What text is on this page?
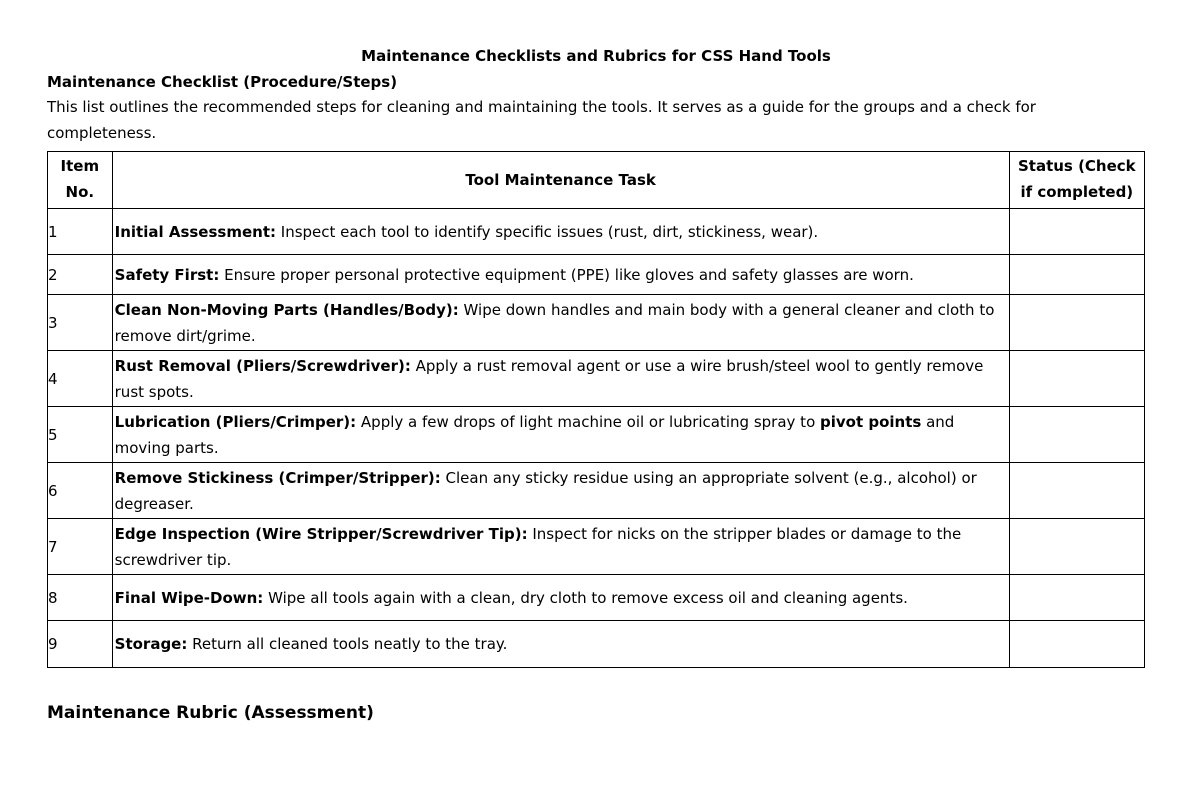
Maintenance Checklists and Rubrics for CSS Hand Tools

Maintenance Checklist (Procedure/Steps)

This list outlines the recommended steps for cleaning and maintaining the tools. It serves as a guide for the groups and a check for completeness.

Item No.	Tool Maintenance Task	Status (Check if completed)
1	Initial Assessment: Inspect each tool to identify specific issues (rust, dirt, stickiness, wear).	
2	Safety First: Ensure proper personal protective equipment (PPE) like gloves and safety glasses are worn.	
3	Clean Non-Moving Parts (Handles/Body): Wipe down handles and main body with a general cleaner and cloth to remove dirt/grime.	
4	Rust Removal (Pliers/Screwdriver): Apply a rust removal agent or use a wire brush/steel wool to gently remove rust spots.	
5	Lubrication (Pliers/Crimper): Apply a few drops of light machine oil or lubricating spray to pivot points and moving parts.	
6	Remove Stickiness (Crimper/Stripper): Clean any sticky residue using an appropriate solvent (e.g., alcohol) or degreaser.	
7	Edge Inspection (Wire Stripper/Screwdriver Tip): Inspect for nicks on the stripper blades or damage to the screwdriver tip.	
8	Final Wipe-Down: Wipe all tools again with a clean, dry cloth to remove excess oil and cleaning agents.	
9	Storage: Return all cleaned tools neatly to the tray.	

Maintenance Rubric (Assessment)
